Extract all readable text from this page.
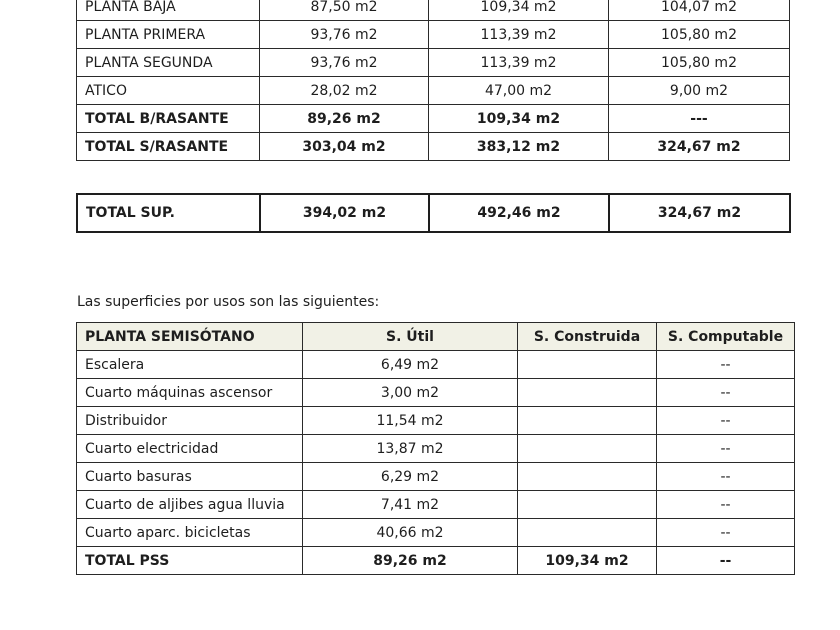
PLANTA BAJA	87,50 m2	109,34 m2	104,07 m2
PLANTA PRIMERA	93,76 m2	113,39 m2	105,80 m2
PLANTA SEGUNDA	93,76 m2	113,39 m2	105,80 m2
ATICO	28,02 m2	47,00 m2	9,00 m2
TOTAL B/RASANTE	89,26 m2	109,34 m2	---
TOTAL S/RASANTE	303,04 m2	383,12 m2	324,67 m2
TOTAL SUP.	394,02 m2	492,46 m2	324,67 m2

Las superficies por usos son las siguientes:

PLANTA SEMISÓTANO	S. Útil	S. Construida	S. Computable
Escalera	6,49 m2		--
Cuarto máquinas ascensor	3,00 m2		--
Distribuidor	11,54 m2		--
Cuarto electricidad	13,87 m2		--
Cuarto basuras	6,29 m2		--
Cuarto de aljibes agua lluvia	7,41 m2		--
Cuarto aparc. bicicletas	40,66 m2		--
TOTAL PSS	89,26 m2	109,34 m2	--
